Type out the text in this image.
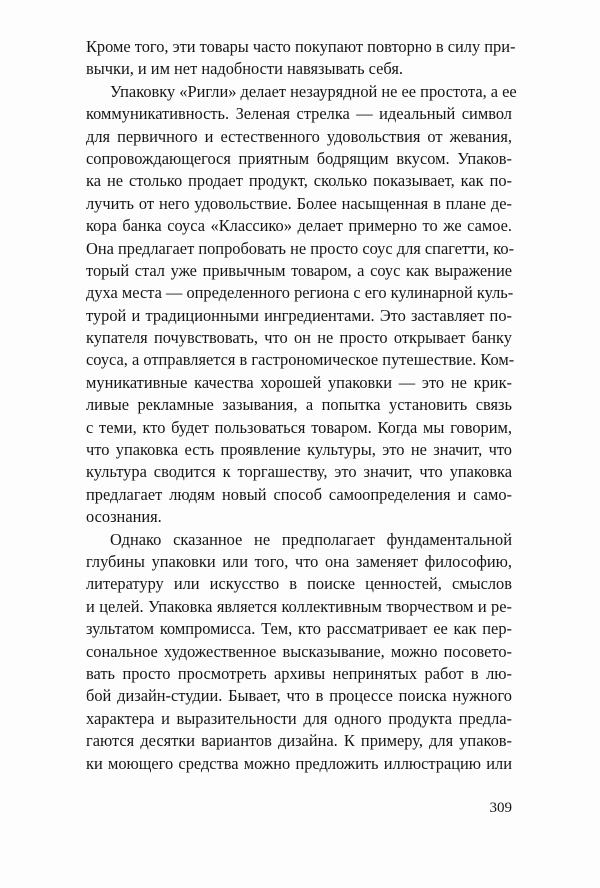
Кроме того, эти товары часто покупают повторно в силу при-
вычки, и им нет надобности навязывать себя.
Упаковку «Ригли» делает незаурядной не ее простота, а ее
коммуникативность. Зеленая стрелка — идеальный символ
для первичного и естественного удовольствия от жевания,
сопровождающегося приятным бодрящим вкусом. Упаков-
ка не столько продает продукт, сколько показывает, как по-
лучить от него удовольствие. Более насыщенная в плане де-
кора банка соуса «Классико» делает примерно то же самое.
Она предлагает попробовать не просто соус для спагетти, ко-
торый стал уже привычным товаром, а соус как выражение
духа места — определенного региона с его кулинарной куль-
турой и традиционными ингредиентами. Это заставляет по-
купателя почувствовать, что он не просто открывает банку
соуса, а отправляется в гастрономическое путешествие. Ком-
муникативные качества хорошей упаковки — это не крик-
ливые рекламные зазывания, а попытка установить связь
с теми, кто будет пользоваться товаром. Когда мы говорим,
что упаковка есть проявление культуры, это не значит, что
культура сводится к торгашеству, это значит, что упаковка
предлагает людям новый способ самоопределения и само-
осознания.
Однако сказанное не предполагает фундаментальной
глубины упаковки или того, что она заменяет философию,
литературу или искусство в поиске ценностей, смыслов
и целей. Упаковка является коллективным творчеством и ре-
зультатом компромисса. Тем, кто рассматривает ее как пер-
сональное художественное высказывание, можно посовето-
вать просто просмотреть архивы непринятых работ в лю-
бой дизайн-студии. Бывает, что в процессе поиска нужного
характера и выразительности для одного продукта предла-
гаются десятки вариантов дизайна. К примеру, для упаков-
ки моющего средства можно предложить иллюстрацию или
309
